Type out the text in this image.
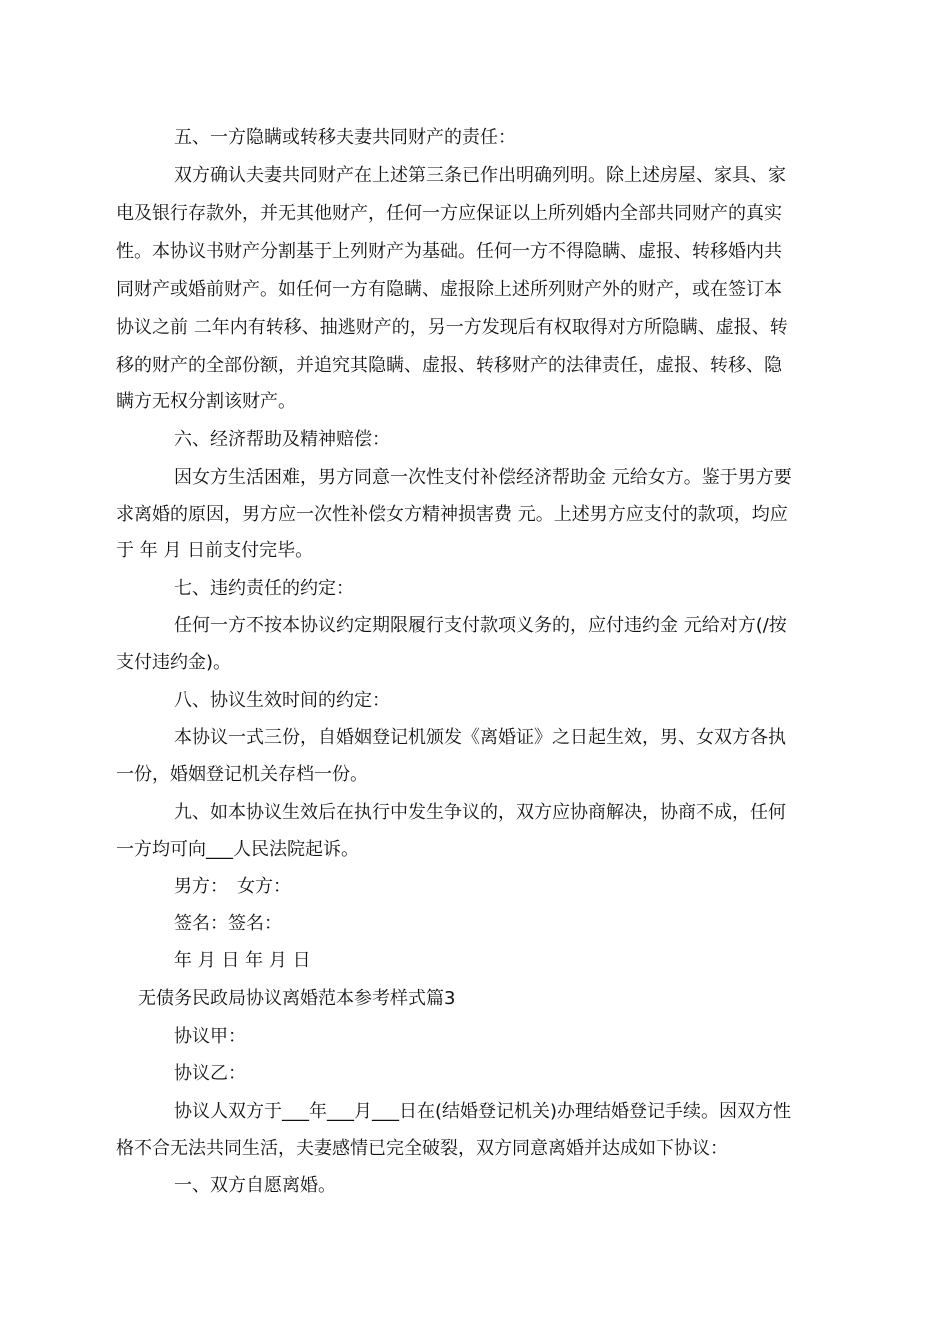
五、一方隐瞒或转移夫妻共同财产的责任：
双方确认夫妻共同财产在上述第三条已作出明确列明。除上述房屋、家具、家
电及银行存款外，并无其他财产，任何一方应保证以上所列婚内全部共同财产的真实
性。本协议书财产分割基于上列财产为基础。任何一方不得隐瞒、虚报、转移婚内共
同财产或婚前财产。如任何一方有隐瞒、虚报除上述所列财产外的财产，或在签订本
协议之前 二年内有转移、抽逃财产的，另一方发现后有权取得对方所隐瞒、虚报、转
移的财产的全部份额，并追究其隐瞒、虚报、转移财产的法律责任，虚报、转移、隐
瞒方无权分割该财产。
六、经济帮助及精神赔偿：
因女方生活困难，男方同意一次性支付补偿经济帮助金 元给女方。鉴于男方要
求离婚的原因，男方应一次性补偿女方精神损害费 元。上述男方应支付的款项，均应
于 年 月 日前支付完毕。
七、违约责任的约定：
任何一方不按本协议约定期限履行支付款项义务的，应付违约金 元给对方(/按
支付违约金)。
八、协议生效时间的约定：
本协议一式三份，自婚姻登记机颁发《离婚证》之日起生效，男、女双方各执
一份，婚姻登记机关存档一份。
九、如本协议生效后在执行中发生争议的，双方应协商解决，协商不成，任何
一方均可向___人民法院起诉。
男方：　女方：
签名：签名：
年 月 日 年 月 日
无债务民政局协议离婚范本参考样式篇3
协议甲：
协议乙：
协议人双方于___年___月___日在(结婚登记机关)办理结婚登记手续。因双方性
格不合无法共同生活，夫妻感情已完全破裂，双方同意离婚并达成如下协议：
一、双方自愿离婚。
